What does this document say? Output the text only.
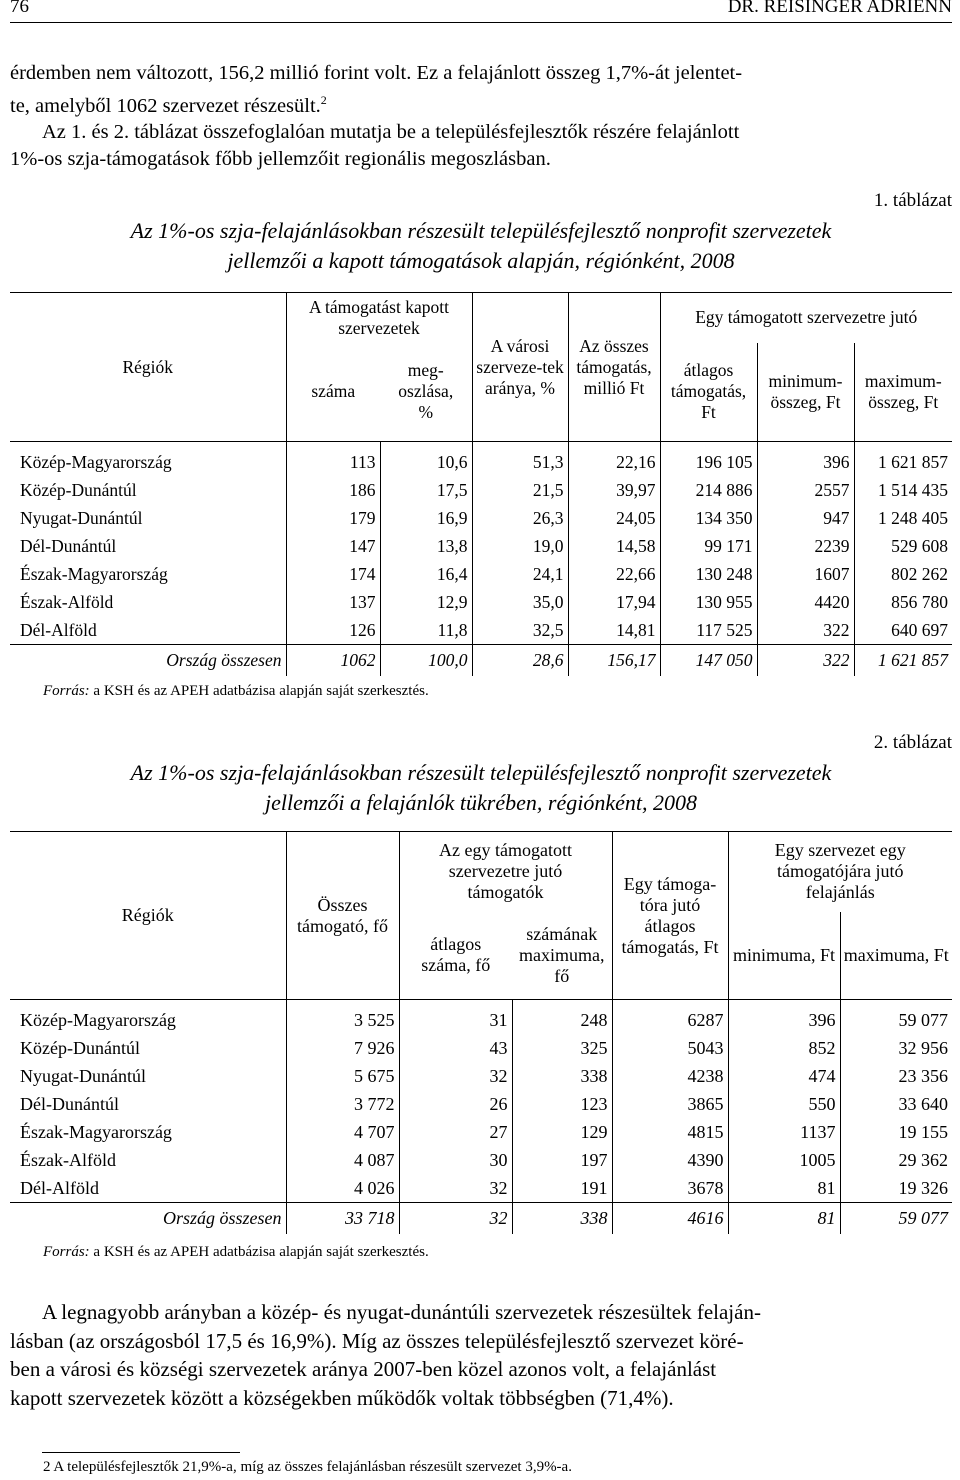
76	DR. REISINGER ADRIENN
érdemben nem változott, 156,2 millió forint volt. Ez a felajánlott összeg 1,7%-át jelentet-
te, amelyből 1062 szervezet részesült.$^2$
Az 1. és 2. táblázat összefoglalóan mutatja be a településfejlesztők részére felajánlott
1%-os szja-támogatások főbb jellemzőit regionális megoszlásban.
1. táblázat
Az 1%-os szja-felajánlásokban részesült településfejlesztő nonprofit szervezetek
jellemzői a kapott támogatások alapján, régiónként, 2008
Régiók	A támogatást kapott szervezetek		A városi szerveze-tek aránya, %	Az összes támogatás, millió Ft	Egy támogatott szervezetre jutó		
	száma	meg-oszlása, %			átlagos támogatás, Ft	minimum-összeg, Ft	maximum-összeg, Ft
Közép-Magyarország	113	10,6	51,3	22,16	196 105	396	1 621 857
Közép-Dunántúl	186	17,5	21,5	39,97	214 886	2557	1 514 435
Nyugat-Dunántúl	179	16,9	26,3	24,05	134 350	947	1 248 405
Dél-Dunántúl	147	13,8	19,0	14,58	99 171	2239	529 608
Észak-Magyarország	174	16,4	24,1	22,66	130 248	1607	802 262
Észak-Alföld	137	12,9	35,0	17,94	130 955	4420	856 780
Dél-Alföld	126	11,8	32,5	14,81	117 525	322	640 697
Ország összesen	1062	100,0	28,6	156,17	147 050	322	1 621 857
Forrás: a KSH és az APEH adatbázisa alapján saját szerkesztés.
2. táblázat
Az 1%-os szja-felajánlásokban részesült településfejlesztő nonprofit szervezetek
jellemzői a felajánlók tükrében, régiónként, 2008
Régiók	Összes támogató, fő	Az egy támogatott szervezetre jutó támogatók		Egy támoga-tóra jutó átlagos támogatás, Ft	Egy szervezet egy támogatójára jutó felajánlás	
		átlagos száma, fő	számának maximuma, fő		minimuma, Ft	maximuma, Ft
Közép-Magyarország	3 525	31	248	6287	396	59 077
Közép-Dunántúl	7 926	43	325	5043	852	32 956
Nyugat-Dunántúl	5 675	32	338	4238	474	23 356
Dél-Dunántúl	3 772	26	123	3865	550	33 640
Észak-Magyarország	4 707	27	129	4815	1137	19 155
Észak-Alföld	4 087	30	197	4390	1005	29 362
Dél-Alföld	4 026	32	191	3678	81	19 326
Ország összesen	33 718	32	338	4616	81	59 077
Forrás: a KSH és az APEH adatbázisa alapján saját szerkesztés.
A legnagyobb arányban a közép- és nyugat-dunántúli szervezetek részesültek felaján-
lásban (az országosból 17,5 és 16,9%). Míg az összes településfejlesztő szervezet köré-
ben a városi és községi szervezetek aránya 2007-ben közel azonos volt, a felajánlást
kapott szervezetek között a községekben működők voltak többségben (71,4%).
2 A településfejlesztők 21,9%-a, míg az összes felajánlásban részesült szervezet 3,9%-a.
